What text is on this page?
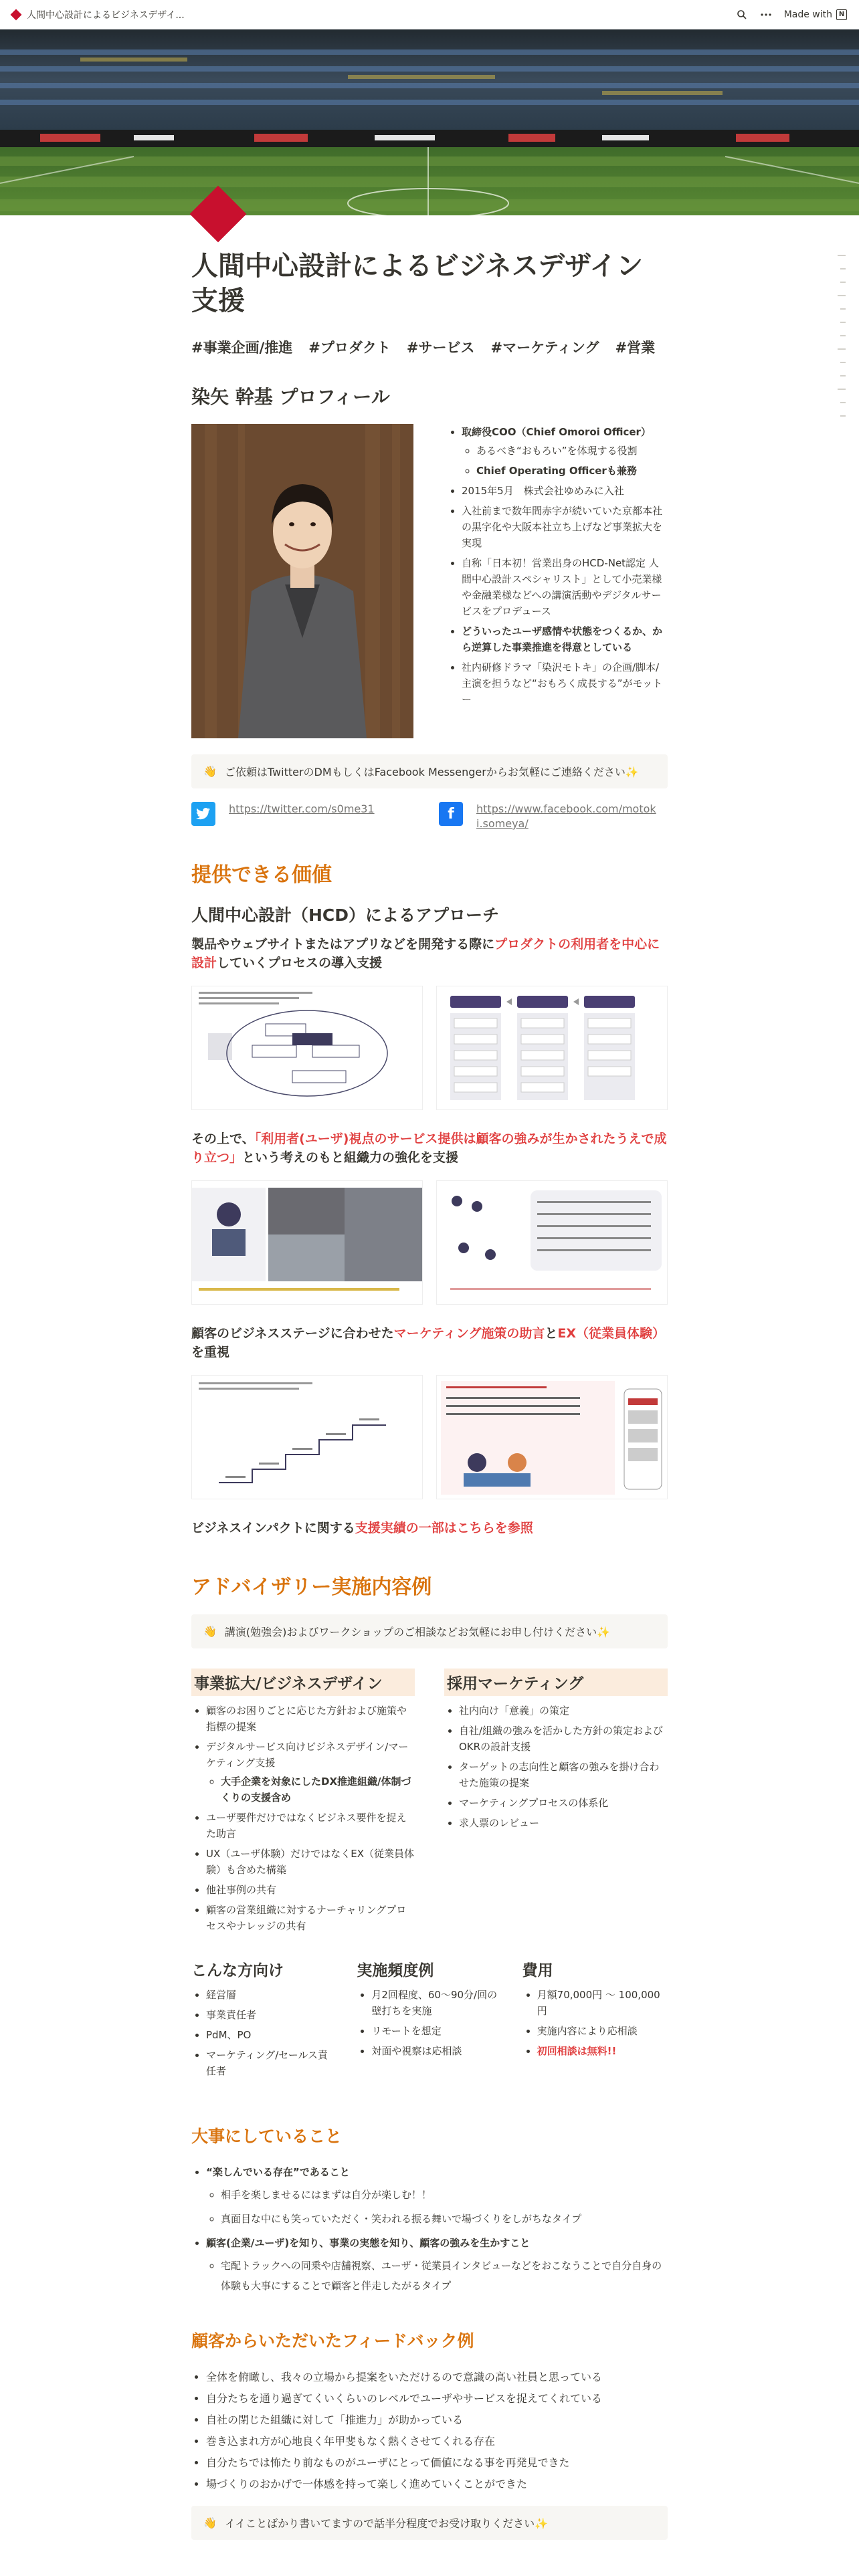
人間中心設計によるビジネスデザイ...	Made with N
人間中心設計によるビジネスデザイン支援
#事業企画/推進 #プロダクト #サービス #マーケティング #営業
染矢 幹基 プロフィール
• 取締役COO（Chief Omoroi Officer）
◦ あるべき“おもろい”を体現する役割
◦ Chief Operating Officerも兼務
• 2015年5月　株式会社ゆめみに入社
• 入社前まで数年間赤字が続いていた京都本社の黒字化や大阪本社立ち上げなど事業拡大を実現
• 自称「日本初！営業出身のHCD-Net認定 人間中心設計スペシャリスト」として小売業様や金融業様などへの講演活動やデジタルサービスをプロデュース
• どういったユーザ感情や状態をつくるか、から逆算した事業推進を得意としている
• 社内研修ドラマ「染沢モトキ」の企画/脚本/主演を担うなど“おもろく成長する”がモットー
👋 ご依頼はTwitterのDMもしくはFacebook Messengerからお気軽にご連絡ください✨
https://twitter.com/s0me31	f	https://www.facebook.com/motoki.someya/
提供できる価値
人間中心設計（HCD）によるアプローチ
製品やウェブサイトまたはアプリなどを開発する際にプロダクトの利用者を中心に設計していくプロセスの導入支援
その上で、「利用者(ユーザ)視点のサービス提供は顧客の強みが生かされたうえで成り立つ」という考えのもと組織力の強化を支援
顧客のビジネスステージに合わせたマーケティング施策の助言とEX（従業員体験）を重視
ビジネスインパクトに関する支援実績の一部はこちらを参照
アドバイザリー実施内容例
👋 講演(勉強会)およびワークショップのご相談などお気軽にお申し付けください✨
事業拡大/ビジネスデザイン
• 顧客のお困りごとに応じた方針および施策や指標の提案
• デジタルサービス向けビジネスデザイン/マーケティング支援
◦ 大手企業を対象にしたDX推進組織/体制づくりの支援含め
• ユーザ要件だけではなくビジネス要件を捉えた助言
• UX（ユーザ体験）だけではなくEX（従業員体験）も含めた構築
• 他社事例の共有
• 顧客の営業組織に対するナーチャリングプロセスやナレッジの共有
採用マーケティング
• 社内向け「意義」の策定
• 自社/組織の強みを活かした方針の策定およびOKRの設計支援
• ターゲットの志向性と顧客の強みを掛け合わせた施策の提案
• マーケティングプロセスの体系化
• 求人票のレビュー
こんな方向け
• 経営層
• 事業責任者
• PdM、PO
• マーケティング/セールス責任者
実施頻度例
• 月2回程度、60〜90分/回の壁打ちを実施
• リモートを想定
• 対面や視察は応相談
費用
• 月額70,000円 〜 100,000円
• 実施内容により応相談
• 初回相談は無料!!
大事にしていること
• “楽しんでいる存在”であること
◦ 相手を楽しませるにはまずは自分が楽しむ！！
◦ 真面目な中にも笑っていただく・笑われる振る舞いで場づくりをしがちなタイプ
• 顧客(企業/ユーザ)を知り、事業の実態を知り、顧客の強みを生かすこと
◦ 宅配トラックへの同乗や店舗視察、ユーザ・従業員インタビューなどをおこなうことで自分自身の体験も大事にすることで顧客と伴走したがるタイプ
顧客からいただいたフィードバック例
• 全体を俯瞰し、我々の立場から提案をいただけるので意識の高い社員と思っている
• 自分たちを通り過ぎてくいくらいのレベルでユーザやサービスを捉えてくれている
• 自社の閉じた組織に対して「推進力」が助かっている
• 巻き込まれ方が心地良く年甲斐もなく熱くさせてくれる存在
• 自分たちでは怖たり前なものがユーザにとって価値になる事を再発見できた
• 場づくりのおかげで一体感を持って楽しく進めていくことができた
👋 イイことばかり書いてますので話半分程度でお受け取りください✨
